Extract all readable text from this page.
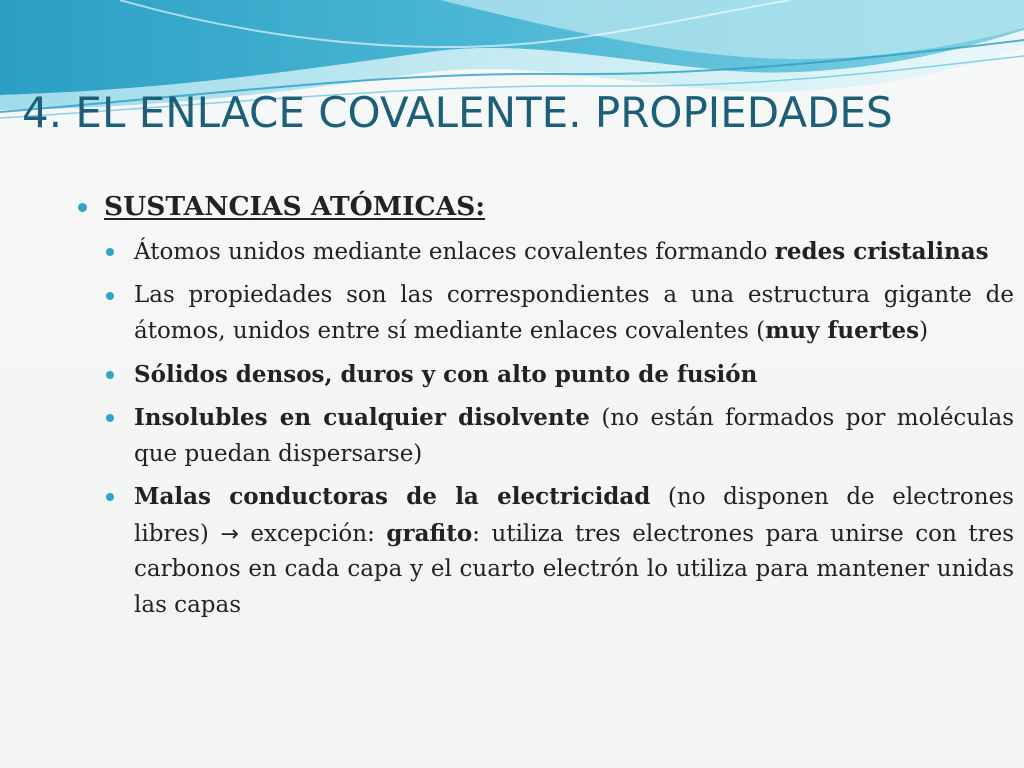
4. EL ENLACE COVALENTE. PROPIEDADES
SUSTANCIAS ATÓMICAS:
Átomos unidos mediante enlaces covalentes formando redes cristalinas
Las propiedades son las correspondientes a una estructura gigante de átomos, unidos entre sí mediante enlaces covalentes (muy fuertes)
Sólidos densos, duros y con alto punto de fusión
Insolubles en cualquier disolvente (no están formados por moléculas que puedan dispersarse)
Malas conductoras de la electricidad (no disponen de electrones libres) → excepción: grafito: utiliza tres electrones para unirse con tres carbonos en cada capa y el cuarto electrón lo utiliza para mantener unidas las capas
